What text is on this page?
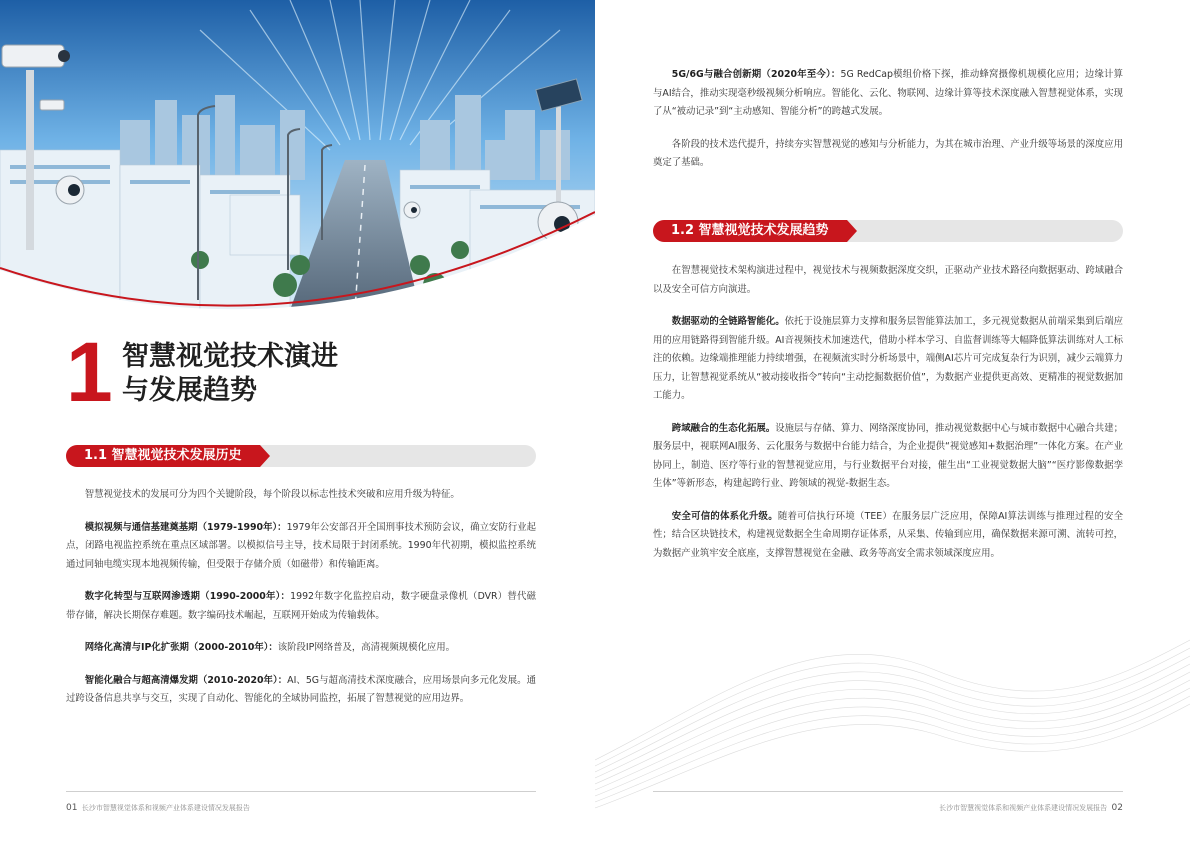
1 智慧视觉技术演进
与发展趋势
1.1 智慧视觉技术发展历史

智慧视觉技术的发展可分为四个关键阶段，每个阶段以标志性技术突破和应用升级为特征。

模拟视频与通信基建奠基期（1979-1990年）：1979年公安部召开全国刑事技术预防会议，确立安防行业起点，闭路电视监控系统在重点区域部署。以模拟信号主导，技术局限于封闭系统。1990年代初期，模拟监控系统通过同轴电缆实现本地视频传输，但受限于存储介质（如磁带）和传输距离。

数字化转型与互联网渗透期（1990-2000年）：1992年数字化监控启动，数字硬盘录像机（DVR）替代磁带存储，解决长期保存难题。数字编码技术崛起，互联网开始成为传输载体。

网络化高清与IP化扩张期（2000-2010年）：该阶段IP网络普及，高清视频规模化应用。

智能化融合与超高清爆发期（2010-2020年）：AI、5G与超高清技术深度融合，应用场景向多元化发展。通过跨设备信息共享与交互，实现了自动化、智能化的全域协同监控，拓展了智慧视觉的应用边界。

01 长沙市智慧视觉体系和视频产业体系建设情况发展报告

5G/6G与融合创新期（2020年至今）：5G RedCap模组价格下探，推动蜂窝摄像机规模化应用；边缘计算与AI结合，推动实现毫秒级视频分析响应。智能化、云化、物联网、边缘计算等技术深度融入智慧视觉体系，实现了从“被动记录”到“主动感知、智能分析”的跨越式发展。

各阶段的技术迭代提升，持续夯实智慧视觉的感知与分析能力，为其在城市治理、产业升级等场景的深度应用奠定了基础。

1.2 智慧视觉技术发展趋势

在智慧视觉技术架构演进过程中，视觉技术与视频数据深度交织，正驱动产业技术路径向数据驱动、跨域融合以及安全可信方向演进。

数据驱动的全链路智能化。依托于设施层算力支撑和服务层智能算法加工，多元视觉数据从前端采集到后端应用的应用链路得到智能升级。AI音视频技术加速迭代，借助小样本学习、自监督训练等大幅降低算法训练对人工标注的依赖。边缘端推理能力持续增强，在视频流实时分析场景中，端侧AI芯片可完成复杂行为识别，减少云端算力压力，让智慧视觉系统从“被动接收指令”转向“主动挖掘数据价值”，为数据产业提供更高效、更精准的视觉数据加工能力。

跨域融合的生态化拓展。设施层与存储、算力、网络深度协同，推动视觉数据中心与城市数据中心融合共建；服务层中，视联网AI服务、云化服务与数据中台能力结合，为企业提供“视觉感知+数据治理”一体化方案。在产业协同上，制造、医疗等行业的智慧视觉应用，与行业数据平台对接，催生出“工业视觉数据大脑”“医疗影像数据孪生体”等新形态，构建起跨行业、跨领域的视觉-数据生态。

安全可信的体系化升级。随着可信执行环境（TEE）在服务层广泛应用，保障AI算法训练与推理过程的安全性；结合区块链技术，构建视觉数据全生命周期存证体系，从采集、传输到应用，确保数据来源可溯、流转可控，为数据产业筑牢安全底座，支撑智慧视觉在金融、政务等高安全需求领域深度应用。

长沙市智慧视觉体系和视频产业体系建设情况发展报告 02
